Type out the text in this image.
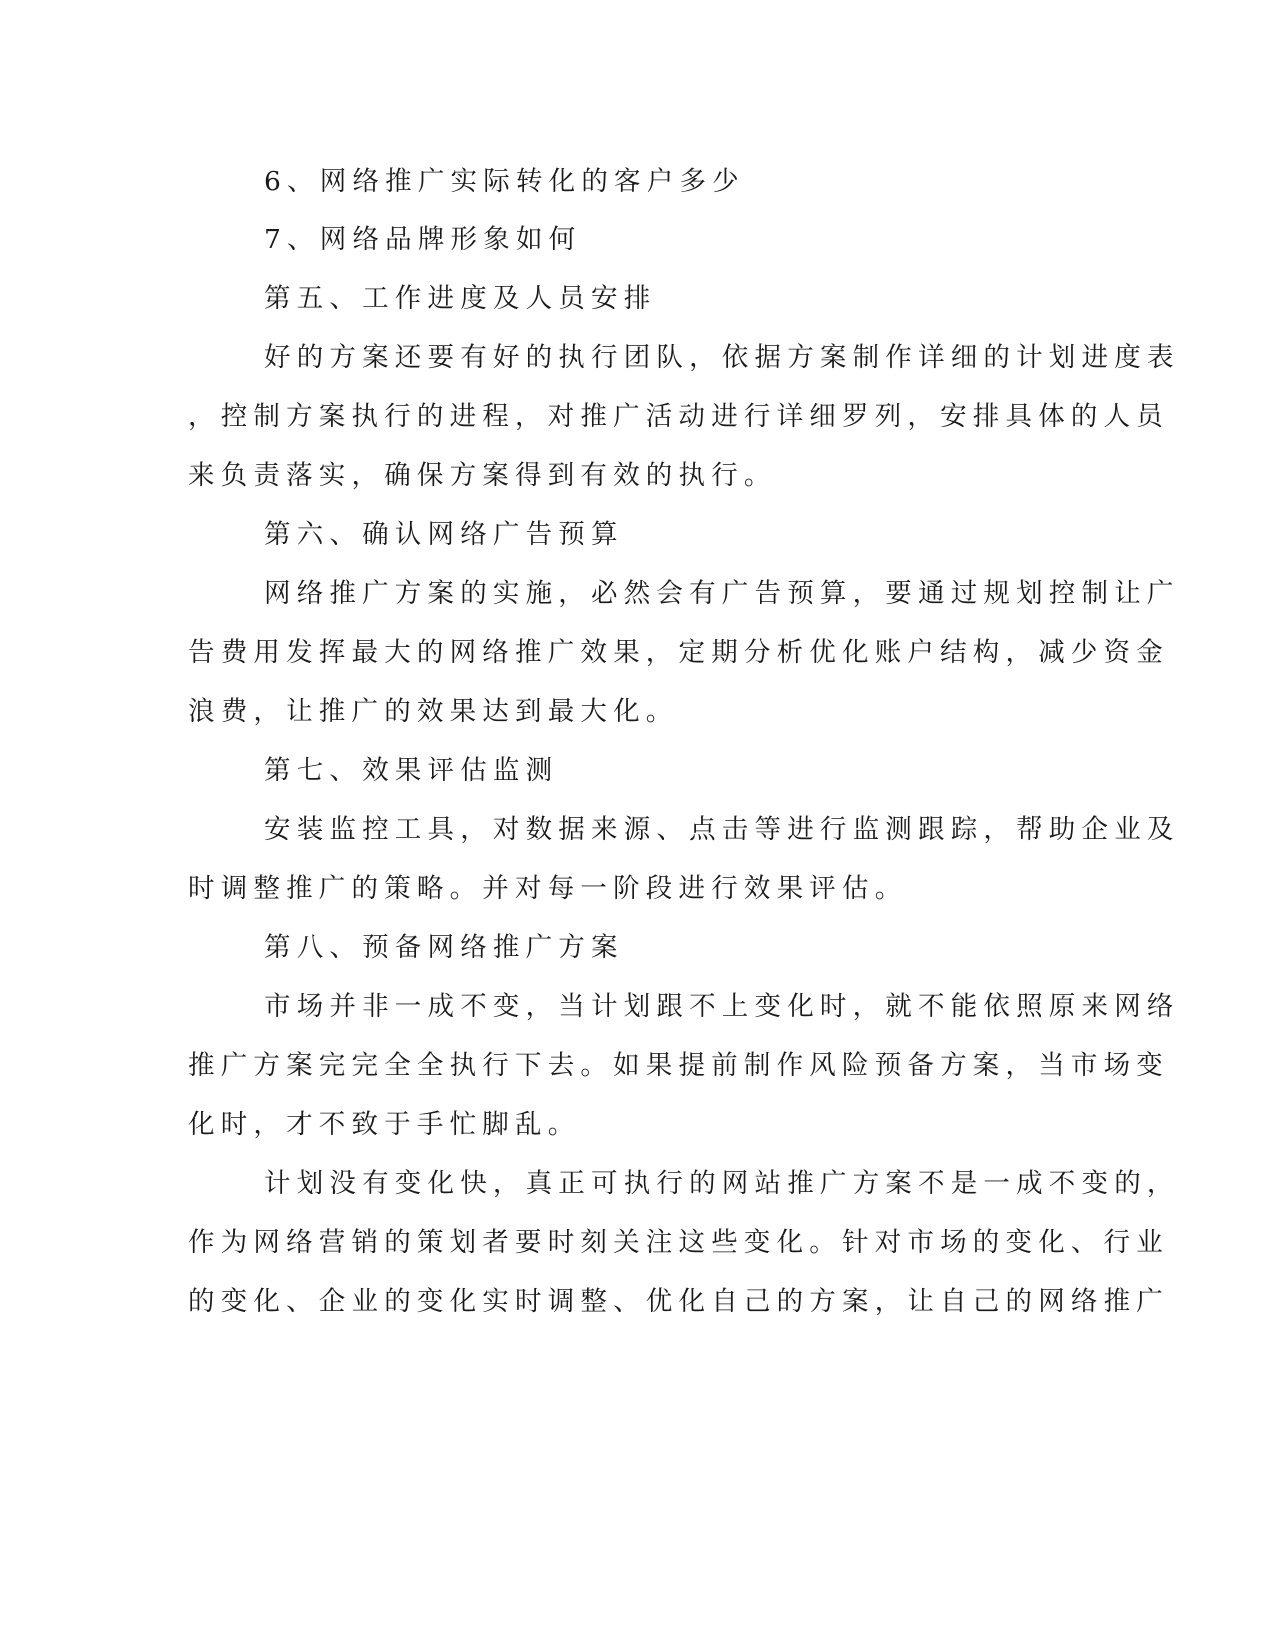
6、网络推广实际转化的客户多少
7、网络品牌形象如何
第五、工作进度及人员安排
好的方案还要有好的执行团队，依据方案制作详细的计划进度表
，控制方案执行的进程，对推广活动进行详细罗列，安排具体的人员
来负责落实，确保方案得到有效的执行。
第六、确认网络广告预算
网络推广方案的实施，必然会有广告预算，要通过规划控制让广
告费用发挥最大的网络推广效果，定期分析优化账户结构，减少资金
浪费，让推广的效果达到最大化。
第七、效果评估监测
安装监控工具，对数据来源、点击等进行监测跟踪，帮助企业及
时调整推广的策略。并对每一阶段进行效果评估。
第八、预备网络推广方案
市场并非一成不变，当计划跟不上变化时，就不能依照原来网络
推广方案完完全全执行下去。如果提前制作风险预备方案，当市场变
化时，才不致于手忙脚乱。
计划没有变化快，真正可执行的网站推广方案不是一成不变的，
作为网络营销的策划者要时刻关注这些变化。针对市场的变化、行业
的变化、企业的变化实时调整、优化自己的方案，让自己的网络推广
